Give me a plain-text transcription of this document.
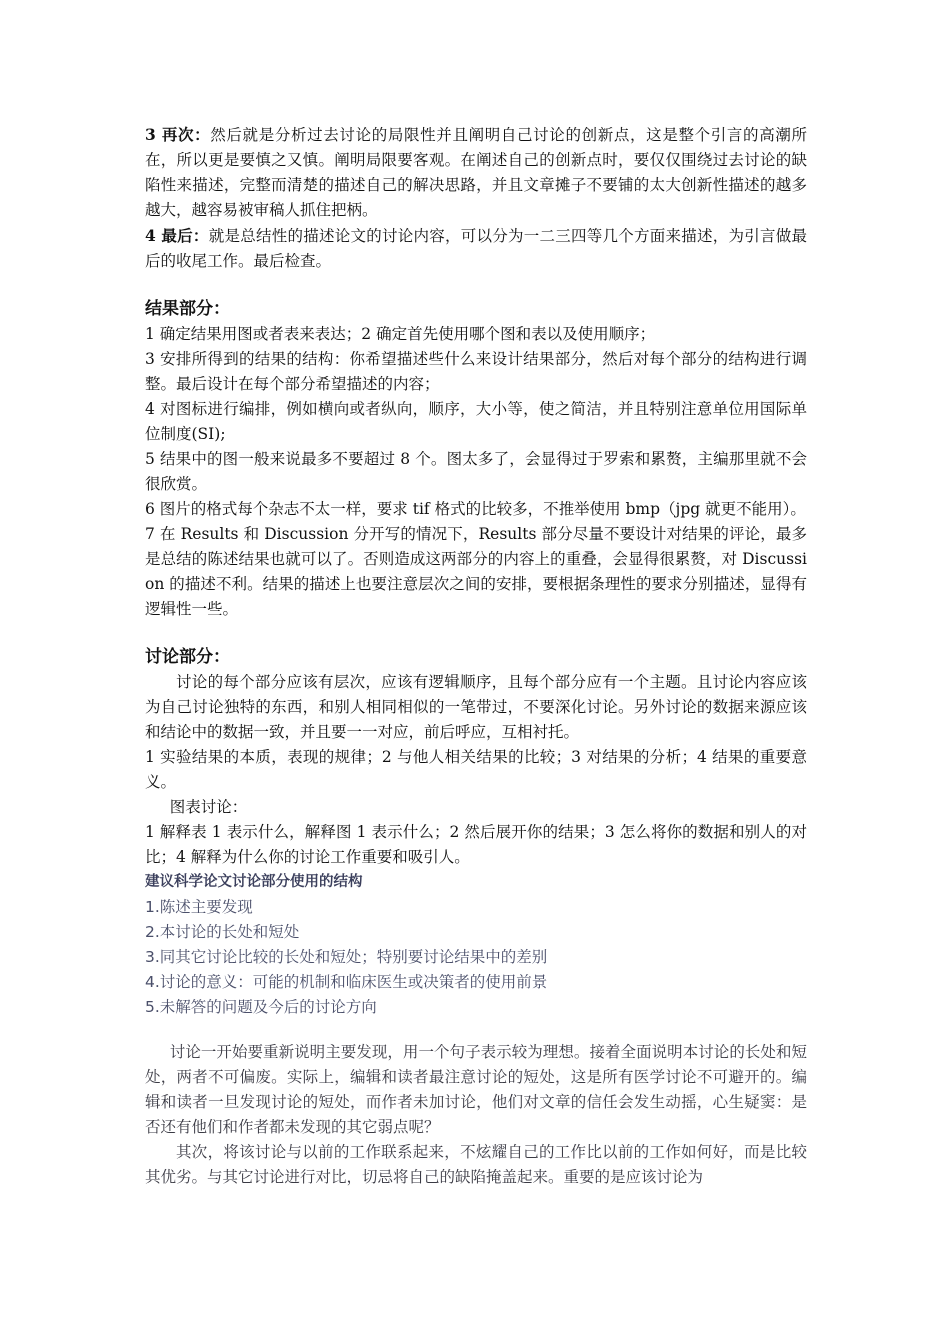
3 再次：然后就是分析过去讨论的局限性并且阐明自己讨论的创新点，这是整个引言的高潮所在，所以更是要慎之又慎。阐明局限要客观。在阐述自己的创新点时，要仅仅围绕过去讨论的缺陷性来描述，完整而清楚的描述自己的解决思路，并且文章摊子不要铺的太大创新性描述的越多越大，越容易被审稿人抓住把柄。

4 最后：就是总结性的描述论文的讨论内容，可以分为一二三四等几个方面来描述，为引言做最后的收尾工作。最后检查。

结果部分：

1 确定结果用图或者表来表达；2 确定首先使用哪个图和表以及使用顺序；

3 安排所得到的结果的结构：你希望描述些什么来设计结果部分，然后对每个部分的结构进行调整。最后设计在每个部分希望描述的内容；

4 对图标进行编排，例如横向或者纵向，顺序，大小等，使之简洁，并且特别注意单位用国际单位制度(SI);

5 结果中的图一般来说最多不要超过 8 个。图太多了，会显得过于罗索和累赘，主编那里就不会很欣赏。

6 图片的格式每个杂志不太一样，要求 tif 格式的比较多，不推举使用 bmp（jpg 就更不能用）。

7 在 Results 和 Discussion 分开写的情况下，Results 部分尽量不要设计对结果的评论，最多是总结的陈述结果也就可以了。否则造成这两部分的内容上的重叠，会显得很累赘，对 Discussion 的描述不利。结果的描述上也要注意层次之间的安排，要根据条理性的要求分别描述，显得有逻辑性一些。

讨论部分：

讨论的每个部分应该有层次，应该有逻辑顺序，且每个部分应有一个主题。且讨论内容应该为自己讨论独特的东西，和别人相同相似的一笔带过，不要深化讨论。另外讨论的数据来源应该和结论中的数据一致，并且要一一对应，前后呼应，互相衬托。

1 实验结果的本质，表现的规律；2 与他人相关结果的比较；3 对结果的分析；4 结果的重要意义。

图表讨论：

1 解释表 1 表示什么，解释图 1 表示什么；2 然后展开你的结果；3 怎么将你的数据和别人的对比；4 解释为什么你的讨论工作重要和吸引人。

建议科学论文讨论部分使用的结构

1.陈述主要发现

2.本讨论的长处和短处

3.同其它讨论比较的长处和短处；特别要讨论结果中的差别

4.讨论的意义：可能的机制和临床医生或决策者的使用前景

5.未解答的问题及今后的讨论方向

讨论一开始要重新说明主要发现，用一个句子表示较为理想。接着全面说明本讨论的长处和短处，两者不可偏废。实际上，编辑和读者最注意讨论的短处，这是所有医学讨论不可避开的。编辑和读者一旦发现讨论的短处，而作者未加讨论，他们对文章的信任会发生动摇，心生疑窦：是否还有他们和作者都未发现的其它弱点呢？

其次，将该讨论与以前的工作联系起来，不炫耀自己的工作比以前的工作如何好，而是比较其优劣。与其它讨论进行对比，切忌将自己的缺陷掩盖起来。重要的是应该讨论为
